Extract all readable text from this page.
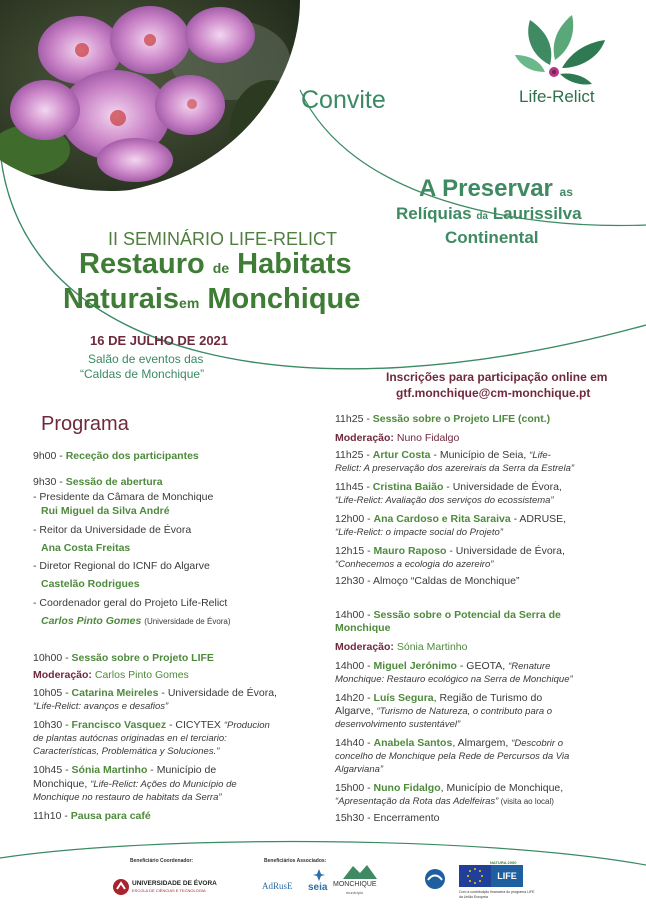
Life-Relict
Convite
A Preservar as
Relíquias da Laurissilva
Continental
II SEMINÁRIO LIFE-RELICT
Restauro de Habitats
Naturaisem Monchique
16 DE JULHO DE 2021
Salão de eventos das
“Caldas de Monchique”	Inscrições para participação online em
gtf.monchique@cm-monchique.pt
Programa
9h00 - Receção dos participantes
9h30 - Sessão de abertura
- Presidente da Câmara de Monchique
Rui Miguel da Silva André
- Reitor da Universidade de Évora
Ana Costa Freitas
- Diretor Regional do ICNF do Algarve
Castelão Rodrigues
- Coordenador geral do Projeto Life-Relict
Carlos Pinto Gomes (Universidade de Évora)
10h00 - Sessão sobre o Projeto LIFE
Moderação: Carlos Pinto Gomes
10h05 - Catarina Meireles - Universidade de Évora,
“Life-Relict: avanços e desafios”
10h30 - Francisco Vasquez - CICYTEX “Producion
de plantas autócnas originadas en el terciario:
Características, Problemática y Soluciones.”
10h45 - Sónia Martinho - Município de
Monchique, “Life-Relict: Ações do Município de
Monchique no restauro de habitats da Serra”
11h10 - Pausa para café
11h25 - Sessão sobre o Projeto LIFE (cont.)
Moderação: Nuno Fidalgo
11h25 - Artur Costa - Município de Seia, “Life-
Relict: A preservação dos azereirais da Serra da Estrela”
11h45 - Cristina Baião - Universidade de Évora,
“Life-Relict: Avaliação dos serviços do ecossistema”
12h00 - Ana Cardoso e Rita Saraiva - ADRUSE,
“Life-Relict: o impacte social do Projeto”
12h15 - Mauro Raposo - Universidade de Évora,
“Conhecemos a ecologia do azereiro”
12h30 - Almoço “Caldas de Monchique”
14h00 - Sessão sobre o Potencial da Serra de
Monchique
Moderação: Sónia Martinho
14h00 - Miguel Jerónimo - GEOTA, “Renature
Monchique: Restauro ecológico na Serra de Monchique”
14h20 - Luís Segura, Região de Turismo do
Algarve, “Turismo de Natureza, o contributo para o
desenvolvimento sustentável”
14h40 - Anabela Santos, Almargem, “Descobrir o
concelho de Monchique pela Rede de Percursos da Via
Algarviana”
15h00 - Nuno Fidalgo, Município de Monchique,
“Apresentação da Rota das Adelfeiras” (visita ao local)
15h30 - Encerramento
Beneficiário Coordenador:	Beneficiários Associados:
UNIVERSIDADE DE ÉVORA
ESCOLA DE CIÊNCIAS E TECNOLOGIA	AdRusE seia MONCHIQUE
município
LIFE
NATURA 2000
Com a contribuição financeira do programa LIFE da União Europeia
